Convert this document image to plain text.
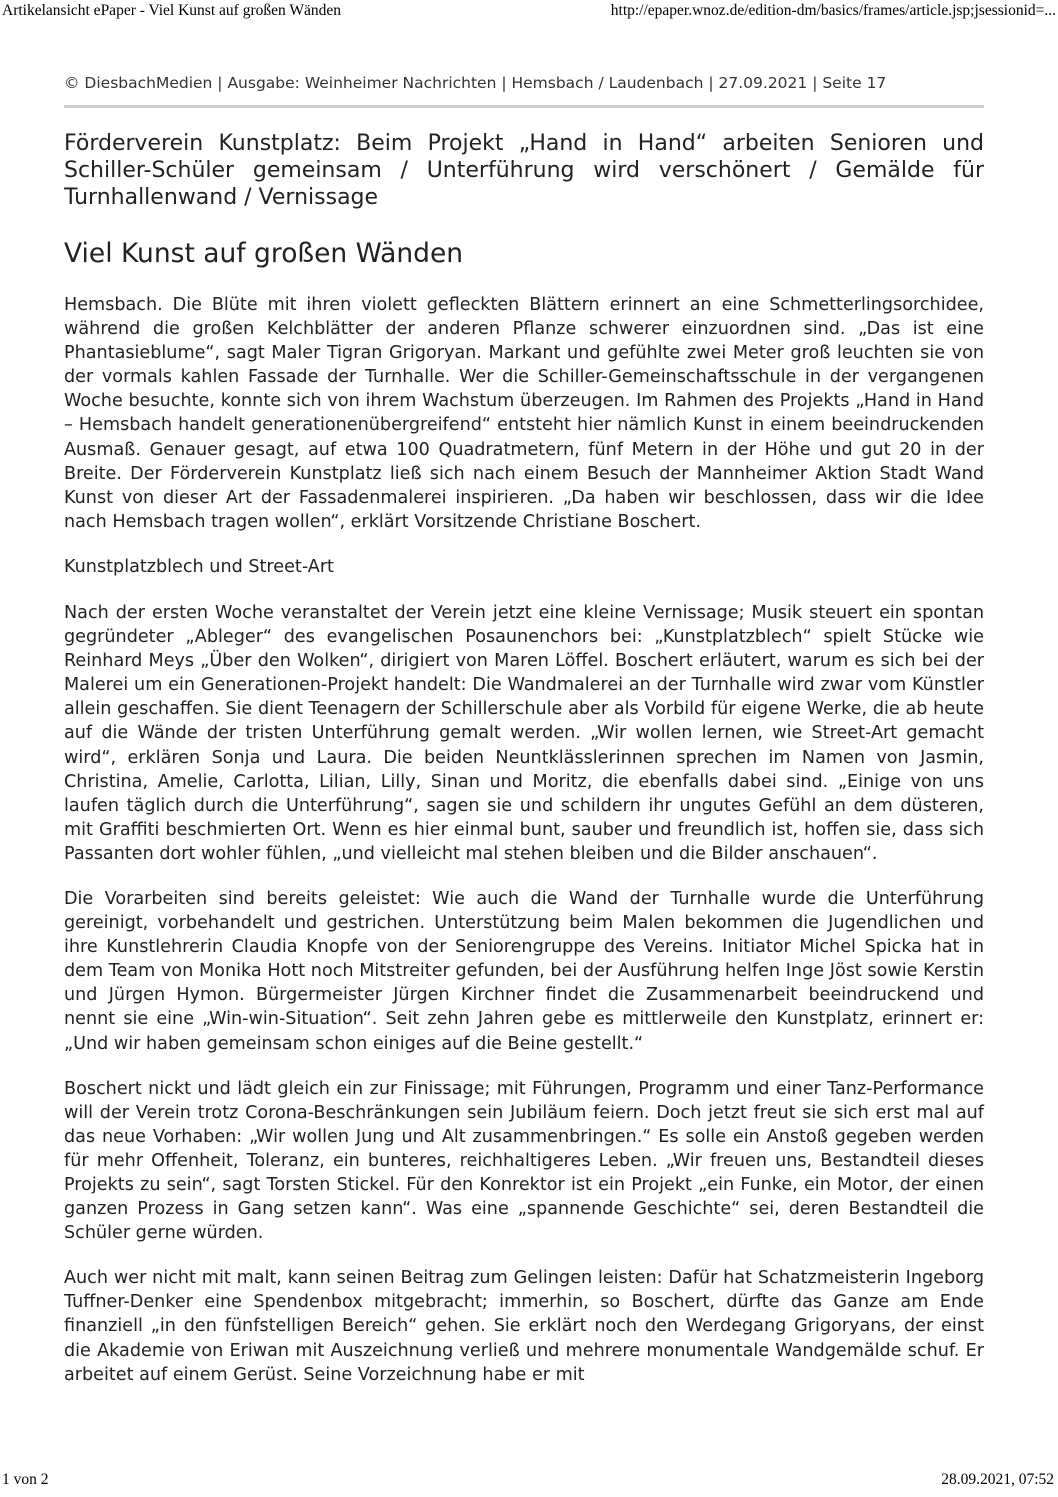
Artikelansicht ePaper - Viel Kunst auf großen Wänden	http://epaper.wnoz.de/edition-dm/basics/frames/article.jsp;jsessionid=...
© DiesbachMedien | Ausgabe: Weinheimer Nachrichten | Hemsbach / Laudenbach | 27.09.2021 | Seite 17
Förderverein Kunstplatz: Beim Projekt „Hand in Hand“ arbeiten Senioren und Schiller-Schüler gemeinsam / Unterführung wird verschönert / Gemälde für Turnhallenwand / Vernissage
Viel Kunst auf großen Wänden

Hemsbach. Die Blüte mit ihren violett gefleckten Blättern erinnert an eine Schmetterlingsorchidee, während die großen Kelchblätter der anderen Pflanze schwerer einzuordnen sind. „Das ist eine Phantasieblume“, sagt Maler Tigran Grigoryan. Markant und gefühlte zwei Meter groß leuchten sie von der vormals kahlen Fassade der Turnhalle. Wer die Schiller-Gemeinschaftsschule in der vergangenen Woche besuchte, konnte sich von ihrem Wachstum überzeugen. Im Rahmen des Projekts „Hand in Hand – Hemsbach handelt generationenübergreifend“ entsteht hier nämlich Kunst in einem beeindruckenden Ausmaß. Genauer gesagt, auf etwa 100 Quadratmetern, fünf Metern in der Höhe und gut 20 in der Breite. Der Förderverein Kunstplatz ließ sich nach einem Besuch der Mannheimer Aktion Stadt Wand Kunst von dieser Art der Fassadenmalerei inspirieren. „Da haben wir beschlossen, dass wir die Idee nach Hemsbach tragen wollen“, erklärt Vorsitzende Christiane Boschert.

Kunstplatzblech und Street-Art

Nach der ersten Woche veranstaltet der Verein jetzt eine kleine Vernissage; Musik steuert ein spontan gegründeter „Ableger“ des evangelischen Posaunenchors bei: „Kunstplatzblech“ spielt Stücke wie Reinhard Meys „Über den Wolken“, dirigiert von Maren Löffel. Boschert erläutert, warum es sich bei der Malerei um ein Generationen-Projekt handelt: Die Wandmalerei an der Turnhalle wird zwar vom Künstler allein geschaffen. Sie dient Teenagern der Schillerschule aber als Vorbild für eigene Werke, die ab heute auf die Wände der tristen Unterführung gemalt werden. „Wir wollen lernen, wie Street-Art gemacht wird“, erklären Sonja und Laura. Die beiden Neuntklässlerinnen sprechen im Namen von Jasmin, Christina, Amelie, Carlotta, Lilian, Lilly, Sinan und Moritz, die ebenfalls dabei sind. „Einige von uns laufen täglich durch die Unterführung“, sagen sie und schildern ihr ungutes Gefühl an dem düsteren, mit Graffiti beschmierten Ort. Wenn es hier einmal bunt, sauber und freundlich ist, hoffen sie, dass sich Passanten dort wohler fühlen, „und vielleicht mal stehen bleiben und die Bilder anschauen“.

Die Vorarbeiten sind bereits geleistet: Wie auch die Wand der Turnhalle wurde die Unterführung gereinigt, vorbehandelt und gestrichen. Unterstützung beim Malen bekommen die Jugendlichen und ihre Kunstlehrerin Claudia Knopfe von der Seniorengruppe des Vereins. Initiator Michel Spicka hat in dem Team von Monika Hott noch Mitstreiter gefunden, bei der Ausführung helfen Inge Jöst sowie Kerstin und Jürgen Hymon. Bürgermeister Jürgen Kirchner findet die Zusammenarbeit beeindruckend und nennt sie eine „Win-win-Situation“. Seit zehn Jahren gebe es mittlerweile den Kunstplatz, erinnert er: „Und wir haben gemeinsam schon einiges auf die Beine gestellt.“

Boschert nickt und lädt gleich ein zur Finissage; mit Führungen, Programm und einer Tanz-Performance will der Verein trotz Corona-Beschränkungen sein Jubiläum feiern. Doch jetzt freut sie sich erst mal auf das neue Vorhaben: „Wir wollen Jung und Alt zusammenbringen.“ Es solle ein Anstoß gegeben werden für mehr Offenheit, Toleranz, ein bunteres, reichhaltigeres Leben. „Wir freuen uns, Bestandteil dieses Projekts zu sein“, sagt Torsten Stickel. Für den Konrektor ist ein Projekt „ein Funke, ein Motor, der einen ganzen Prozess in Gang setzen kann“. Was eine „spannende Geschichte“ sei, deren Bestandteil die Schüler gerne würden.

Auch wer nicht mit malt, kann seinen Beitrag zum Gelingen leisten: Dafür hat Schatzmeisterin Ingeborg Tuffner-Denker eine Spendenbox mitgebracht; immerhin, so Boschert, dürfte das Ganze am Ende finanziell „in den fünfstelligen Bereich“ gehen. Sie erklärt noch den Werdegang Grigoryans, der einst die Akademie von Eriwan mit Auszeichnung verließ und mehrere monumentale Wandgemälde schuf. Er arbeitet auf einem Gerüst. Seine Vorzeichnung habe er mit

1 von 2	28.09.2021, 07:52
